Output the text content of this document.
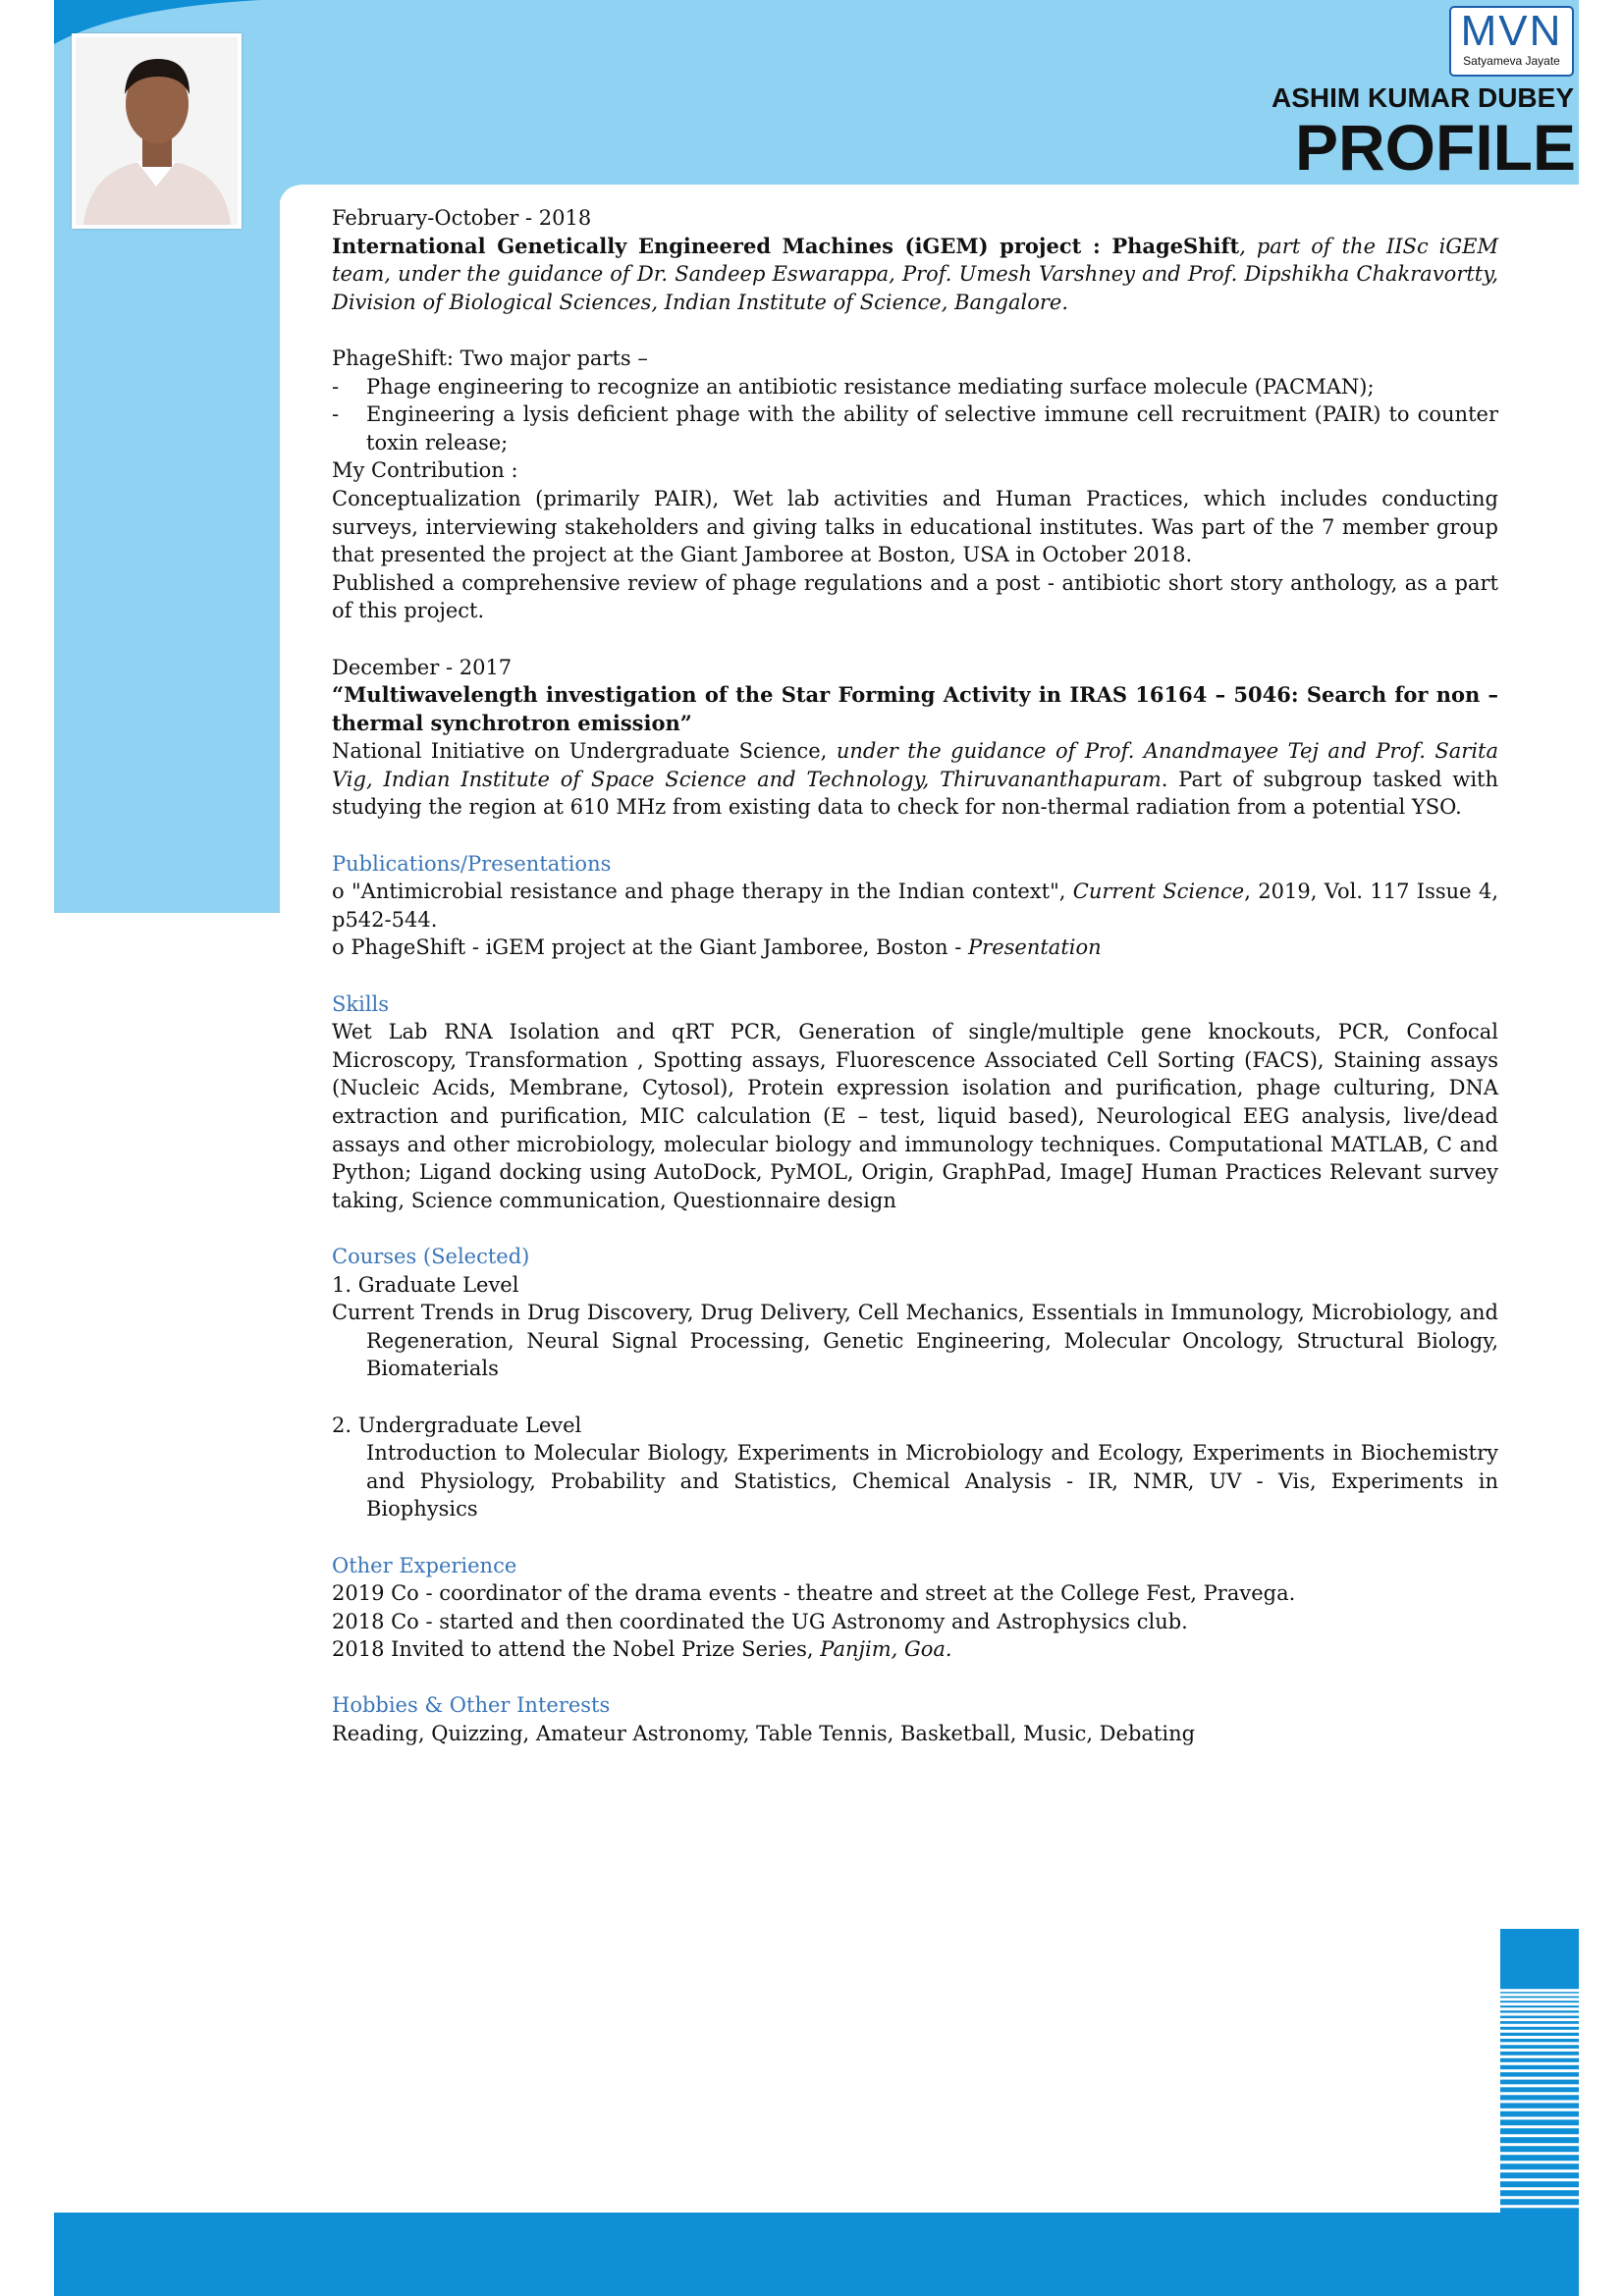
MVN
Satyameva Jayate
ASHIM KUMAR DUBEY
PROFILE

February-October - 2018

International Genetically Engineered Machines (iGEM) project : PhageShift, part of the IISc iGEM team, under the guidance of Dr. Sandeep Eswarappa, Prof. Umesh Varshney and Prof. Dipshikha Chakravortty, Division of Biological Sciences, Indian Institute of Science, Bangalore.

PhageShift: Two major parts –

- Phage engineering to recognize an antibiotic resistance mediating surface molecule (PACMAN);

- Engineering a lysis deficient phage with the ability of selective immune cell recruitment (PAIR) to counter toxin release;

My Contribution :

Conceptualization (primarily PAIR), Wet lab activities and Human Practices, which includes conducting surveys, interviewing stakeholders and giving talks in educational institutes. Was part of the 7 member group that presented the project at the Giant Jamboree at Boston, USA in October 2018.

Published a comprehensive review of phage regulations and a post - antibiotic short story anthology, as a part of this project.

December - 2017

“Multiwavelength investigation of the Star Forming Activity in IRAS 16164 – 5046: Search for non – thermal synchrotron emission”

National Initiative on Undergraduate Science, under the guidance of Prof. Anandmayee Tej and Prof. Sarita Vig, Indian Institute of Space Science and Technology, Thiruvananthapuram. Part of subgroup tasked with studying the region at 610 MHz from existing data to check for non-thermal radiation from a potential YSO.

Publications/Presentations

o "Antimicrobial resistance and phage therapy in the Indian context", Current Science, 2019, Vol. 117 Issue 4, p542-544.

o PhageShift - iGEM project at the Giant Jamboree, Boston - Presentation

Skills

Wet Lab RNA Isolation and qRT PCR, Generation of single/multiple gene knockouts, PCR, Confocal Microscopy, Transformation , Spotting assays, Fluorescence Associated Cell Sorting (FACS), Staining assays (Nucleic Acids, Membrane, Cytosol), Protein expression isolation and purification, phage culturing, DNA extraction and purification, MIC calculation (E – test, liquid based), Neurological EEG analysis, live/dead assays and other microbiology, molecular biology and immunology techniques. Computational MATLAB, C and Python; Ligand docking using AutoDock, PyMOL, Origin, GraphPad, ImageJ Human Practices Relevant survey taking, Science communication, Questionnaire design

Courses (Selected)

1. Graduate Level

Current Trends in Drug Discovery, Drug Delivery, Cell Mechanics, Essentials in Immunology, Microbiology, and Regeneration, Neural Signal Processing, Genetic Engineering, Molecular Oncology, Structural Biology, Biomaterials

2. Undergraduate Level

Introduction to Molecular Biology, Experiments in Microbiology and Ecology, Experiments in Biochemistry and Physiology, Probability and Statistics, Chemical Analysis - IR, NMR, UV - Vis, Experiments in Biophysics

Other Experience

2019 Co - coordinator of the drama events - theatre and street at the College Fest, Pravega.

2018 Co - started and then coordinated the UG Astronomy and Astrophysics club.

2018 Invited to attend the Nobel Prize Series, Panjim, Goa.

Hobbies & Other Interests

Reading, Quizzing, Amateur Astronomy, Table Tennis, Basketball, Music, Debating
